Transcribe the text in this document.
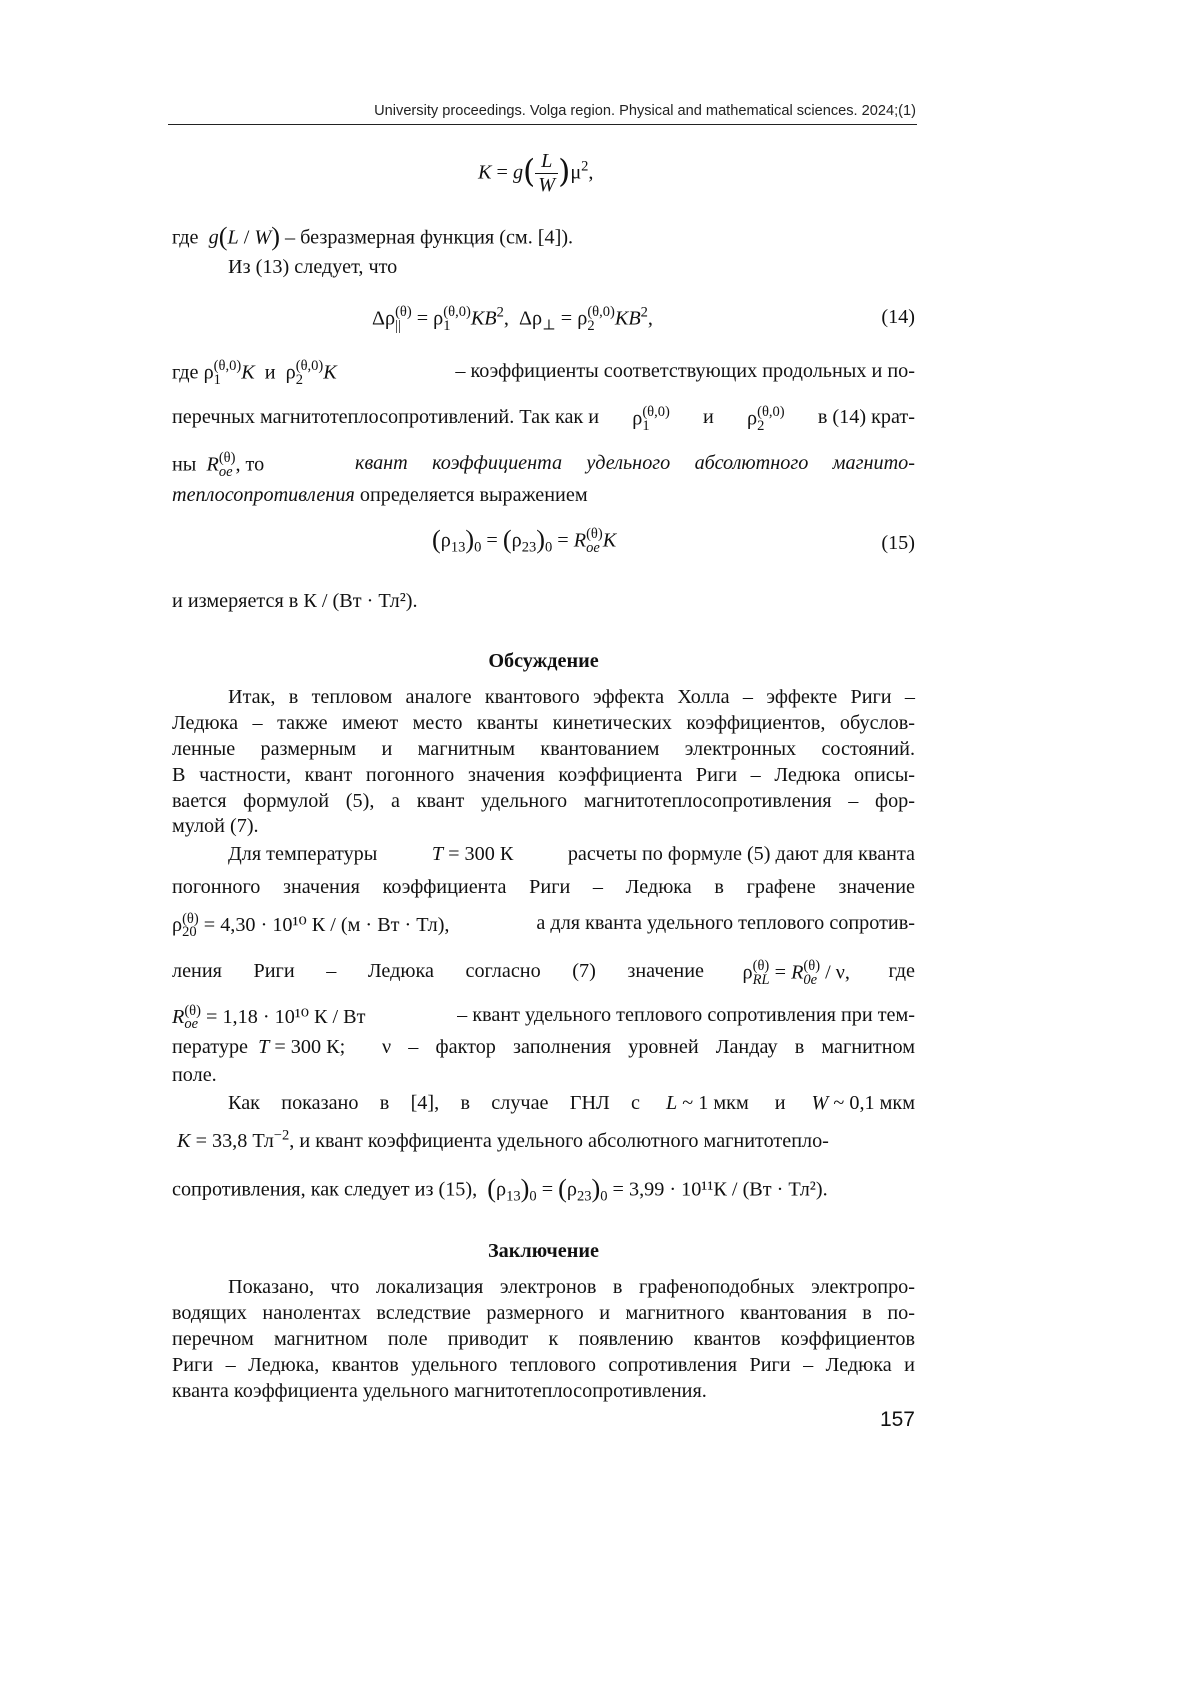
University proceedings. Volga region. Physical and mathematical sciences. 2024;(1)
$K = g( \frac{L}{W} )\mu^2$,
где  g(L / W) – безразмерная функция (см. [4]).
Из (13) следует, что
Δρ (θ)
|| = ρ (θ,0)
1	$KB^2$,  $\Delta\rho_\perp = \rho$ (θ,0)
2	$KB^2$,	(14)
где ρ (θ,0)
1	K и  ρ (θ,0)
2	K	– коэффициенты соответствующих продольных и по-
перечных магнитотеплосопротивлений. Так как и ρ (θ,0)
1	и ρ (θ,0)
2	в (14) крат-
ны R (θ)
oe , то	квант коэффициента удельного абсолютного магнито-
теплосопротивления определяется выражением
$(\rho_{13})_0 = (\rho_{23})_0 = R$ (θ)
oe K	(15)
и измеряется в К / (Вт · Тл²).
Обсуждение
Итак, в тепловом аналоге квантового эффекта Холла – эффекте Риги –
Ледюка – также имеют место кванты кинетических коэффициентов, обуслов-
ленные размерным и магнитным квантованием электронных состояний.
В частности, квант погонного значения коэффициента Риги – Ледюка описы-
вается формулой (5), а квант удельного магнитотеплосопротивления – фор-
мулой (7).
Для температуры	T = 300 К	расчеты по формуле (5) дают для кванта
погонного значения коэффициента Риги – Ледюка в графене значение
ρ (θ)
20 = 4,30 · 10¹⁰ К / (м · Вт · Тл),	а для кванта удельного теплового сопротив-
ления Риги – Ледюка согласно (7) значение ρ (θ)
RL = R (θ)
0e / ν, где
R (θ)
oe = 1,18 · 10¹⁰ К / Вт	– квант удельного теплового сопротивления при тем-
пературе T = 300 К; ν – фактор заполнения уровней Ландау в магнитном
поле.
Как показано в [4], в случае ГНЛ с L ~ 1 мкм и W ~ 0,1 мкм
K = 33,8 $Тл^{-2}$, и квант коэффициента удельного абсолютного магнитотепло-
сопротивления, как следует из (15), $(\rho_{13})_0 = (\rho_{23})_0 = 3,99 \cdot 10^{11}К / (Вт \cdot Тл^2)$.
Заключение
Показано, что локализация электронов в графеноподобных электропро-
водящих нанолентах вследствие размерного и магнитного квантования в по-
перечном магнитном поле приводит к появлению квантов коэффициентов
Риги – Ледюка, квантов удельного теплового сопротивления Риги – Ледюка и
кванта коэффициента удельного магнитотеплосопротивления.
157
